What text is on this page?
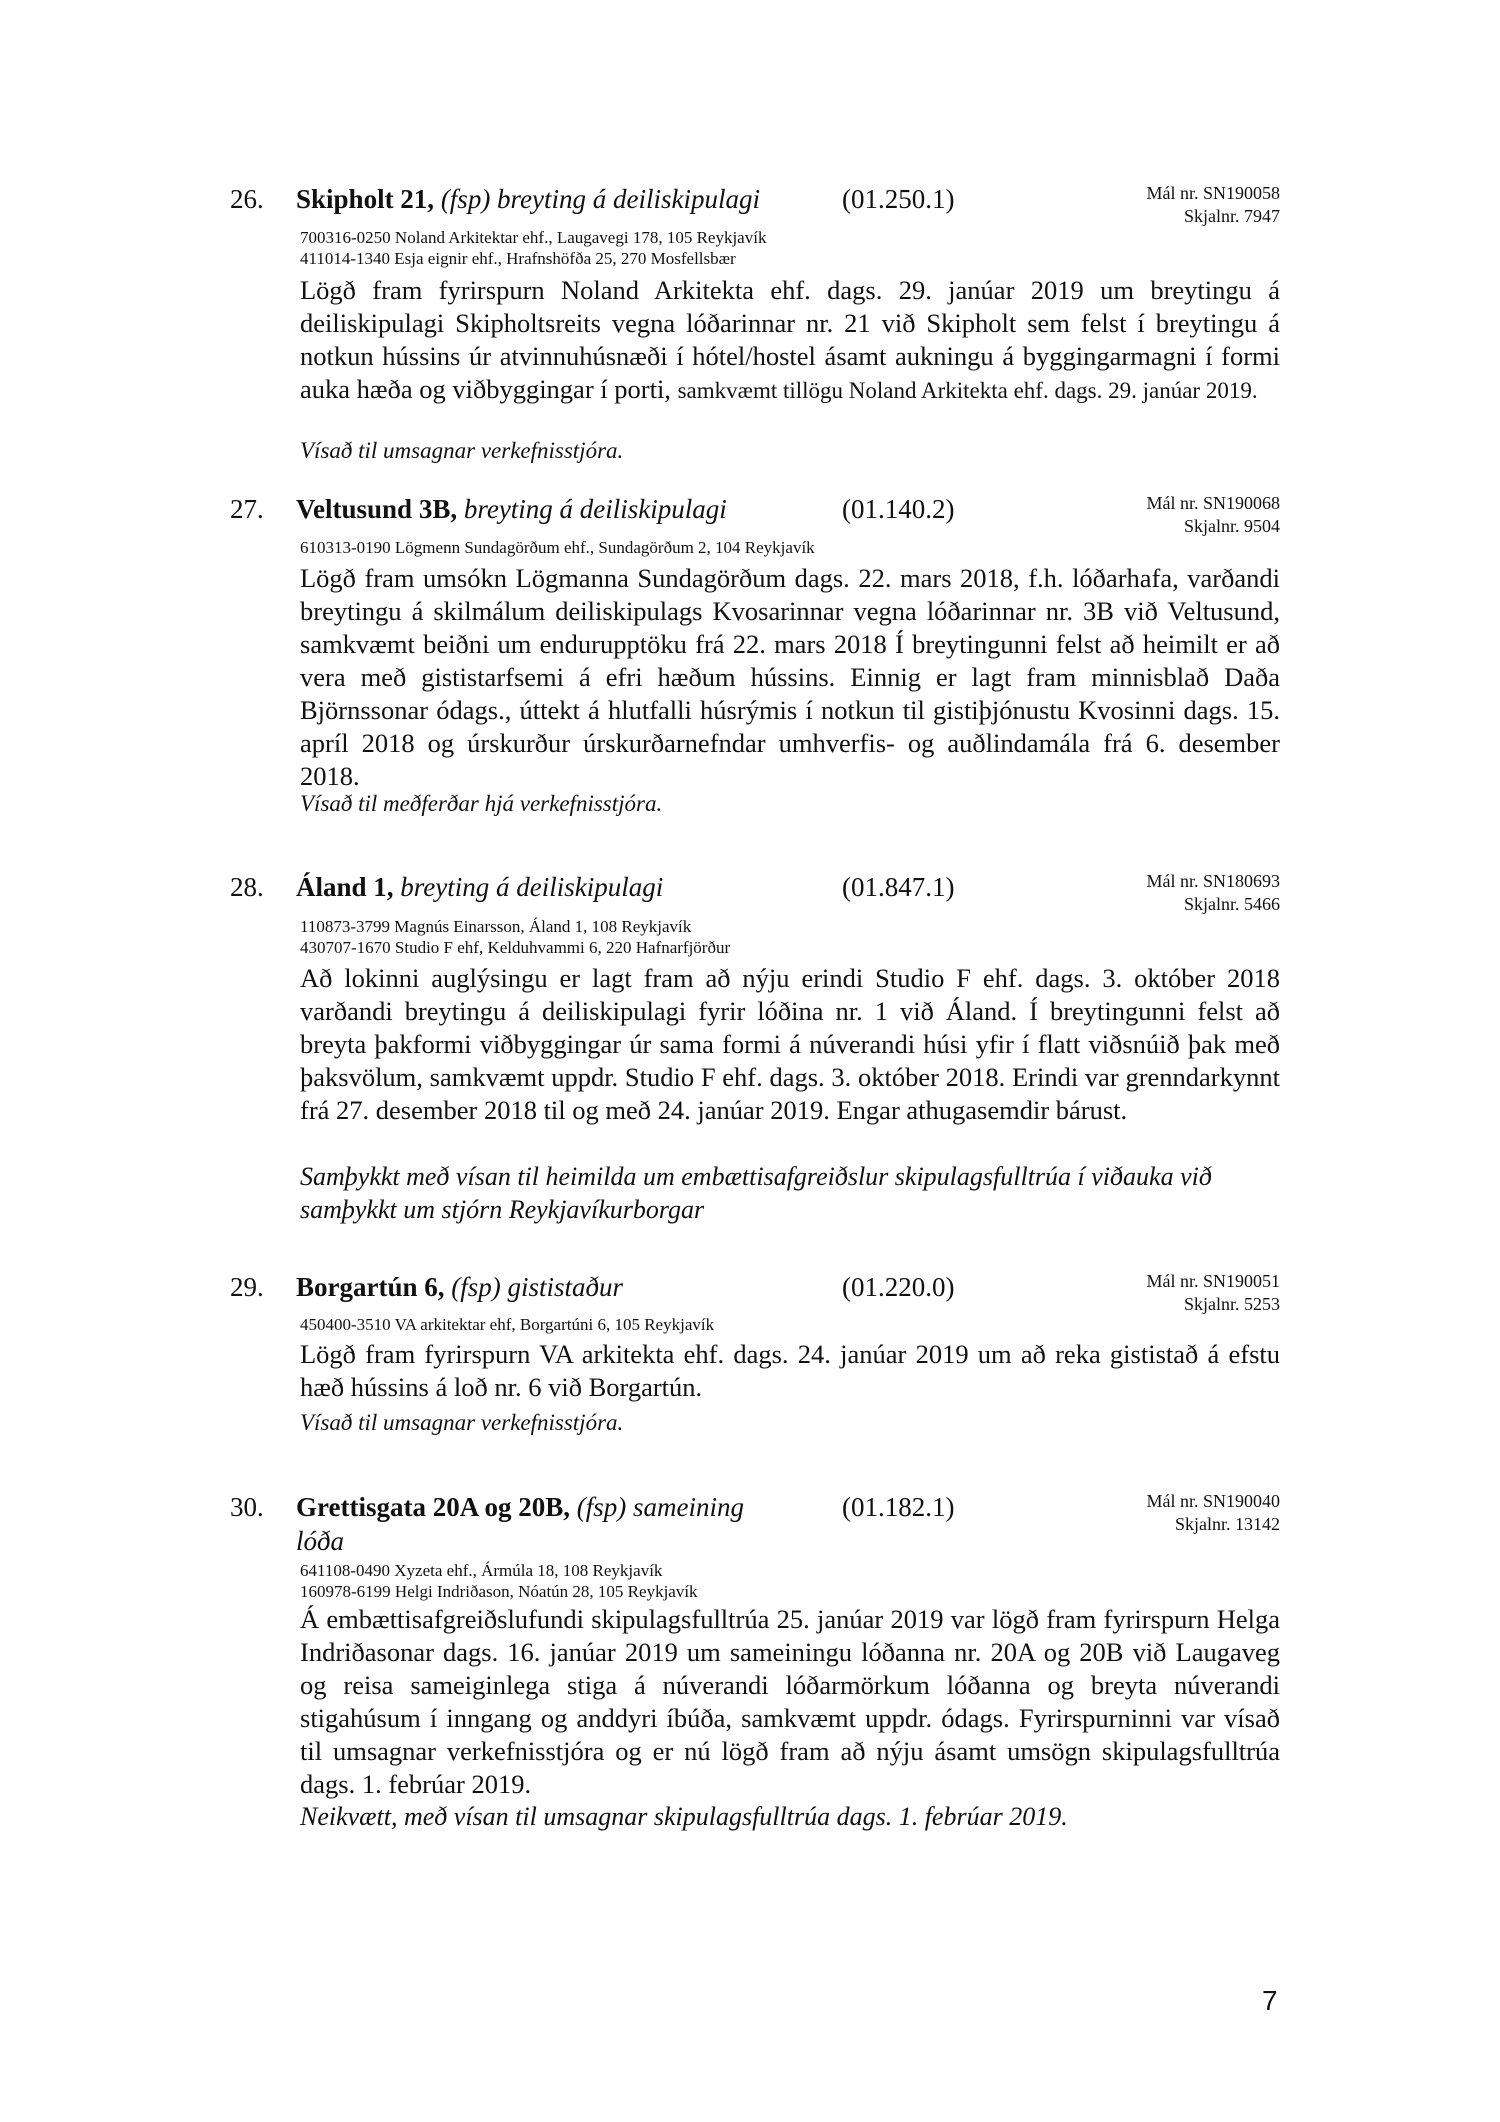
26. Skipholt 21, (fsp) breyting á deiliskipulagi	(01.250.1)	Mál nr. SN190058
Skjalnr. 7947
700316-0250 Noland Arkitektar ehf., Laugavegi 178, 105 Reykjavík
411014-1340 Esja eignir ehf., Hrafnshöfða 25, 270 Mosfellsbær
Lögð fram fyrirspurn Noland Arkitekta ehf. dags. 29. janúar 2019 um breytingu á deiliskipulagi Skipholtsreits vegna lóðarinnar nr. 21 við Skipholt sem felst í breytingu á notkun hússins úr atvinnuhúsnæði í hótel/hostel ásamt aukningu á byggingarmagni í formi auka hæða og viðbyggingar í porti, samkvæmt tillögu Noland Arkitekta ehf. dags. 29. janúar 2019.
Vísað til umsagnar verkefnisstjóra.
27. Veltusund 3B, breyting á deiliskipulagi	(01.140.2)	Mál nr. SN190068
Skjalnr. 9504
610313-0190 Lögmenn Sundagörðum ehf., Sundagörðum 2, 104 Reykjavík
Lögð fram umsókn Lögmanna Sundagörðum dags. 22. mars 2018, f.h. lóðarhafa, varðandi breytingu á skilmálum deiliskipulags Kvosarinnar vegna lóðarinnar nr. 3B við Veltusund, samkvæmt beiðni um endurupptöku frá 22. mars 2018 Í breytingunni felst að heimilt er að vera með gististarfsemi á efri hæðum hússins. Einnig er lagt fram minnisblað Daða Björnssonar ódags., úttekt á hlutfalli húsrýmis í notkun til gistiþjónustu Kvosinni dags. 15. apríl 2018 og úrskurður úrskurðarnefndar umhverfis- og auðlindamála frá 6. desember 2018.
Vísað til meðferðar hjá verkefnisstjóra.
28. Áland 1, breyting á deiliskipulagi	(01.847.1)	Mál nr. SN180693
Skjalnr. 5466
110873-3799 Magnús Einarsson, Áland 1, 108 Reykjavík
430707-1670 Studio F ehf, Kelduhvammi 6, 220 Hafnarfjörður
Að lokinni auglýsingu er lagt fram að nýju erindi Studio F ehf. dags. 3. október 2018 varðandi breytingu á deiliskipulagi fyrir lóðina nr. 1 við Áland. Í breytingunni felst að breyta þakformi viðbyggingar úr sama formi á núverandi húsi yfir í flatt viðsnúið þak með þaksvölum, samkvæmt uppdr. Studio F ehf. dags. 3. október 2018. Erindi var grenndarkynnt frá 27. desember 2018 til og með 24. janúar 2019. Engar athugasemdir bárust.
Samþykkt með vísan til heimilda um embættisafgreiðslur skipulagsfulltrúa í viðauka við samþykkt um stjórn Reykjavíkurborgar
29. Borgartún 6, (fsp) gististaður	(01.220.0)	Mál nr. SN190051
Skjalnr. 5253
450400-3510 VA arkitektar ehf, Borgartúni 6, 105 Reykjavík
Lögð fram fyrirspurn VA arkitekta ehf. dags. 24. janúar 2019 um að reka gististað á efstu hæð hússins á loð nr. 6 við Borgartún.
Vísað til umsagnar verkefnisstjóra.
30. Grettisgata 20A og 20B, (fsp) sameining lóða
(01.182.1)	Mál nr. SN190040
Skjalnr. 13142
641108-0490 Xyzeta ehf., Ármúla 18, 108 Reykjavík
160978-6199 Helgi Indriðason, Nóatún 28, 105 Reykjavík
Á embættisafgreiðslufundi skipulagsfulltrúa 25. janúar 2019 var lögð fram fyrirspurn Helga Indriðasonar dags. 16. janúar 2019 um sameiningu lóðanna nr. 20A og 20B við Laugaveg og reisa sameiginlega stiga á núverandi lóðarmörkum lóðanna og breyta núverandi stigahúsum í inngang og anddyri íbúða, samkvæmt uppdr. ódags. Fyrirspurninni var vísað til umsagnar verkefnisstjóra og er nú lögð fram að nýju ásamt umsögn skipulagsfulltrúa dags. 1. febrúar 2019.
Neikvætt, með vísan til umsagnar skipulagsfulltrúa dags. 1. febrúar 2019.
7
